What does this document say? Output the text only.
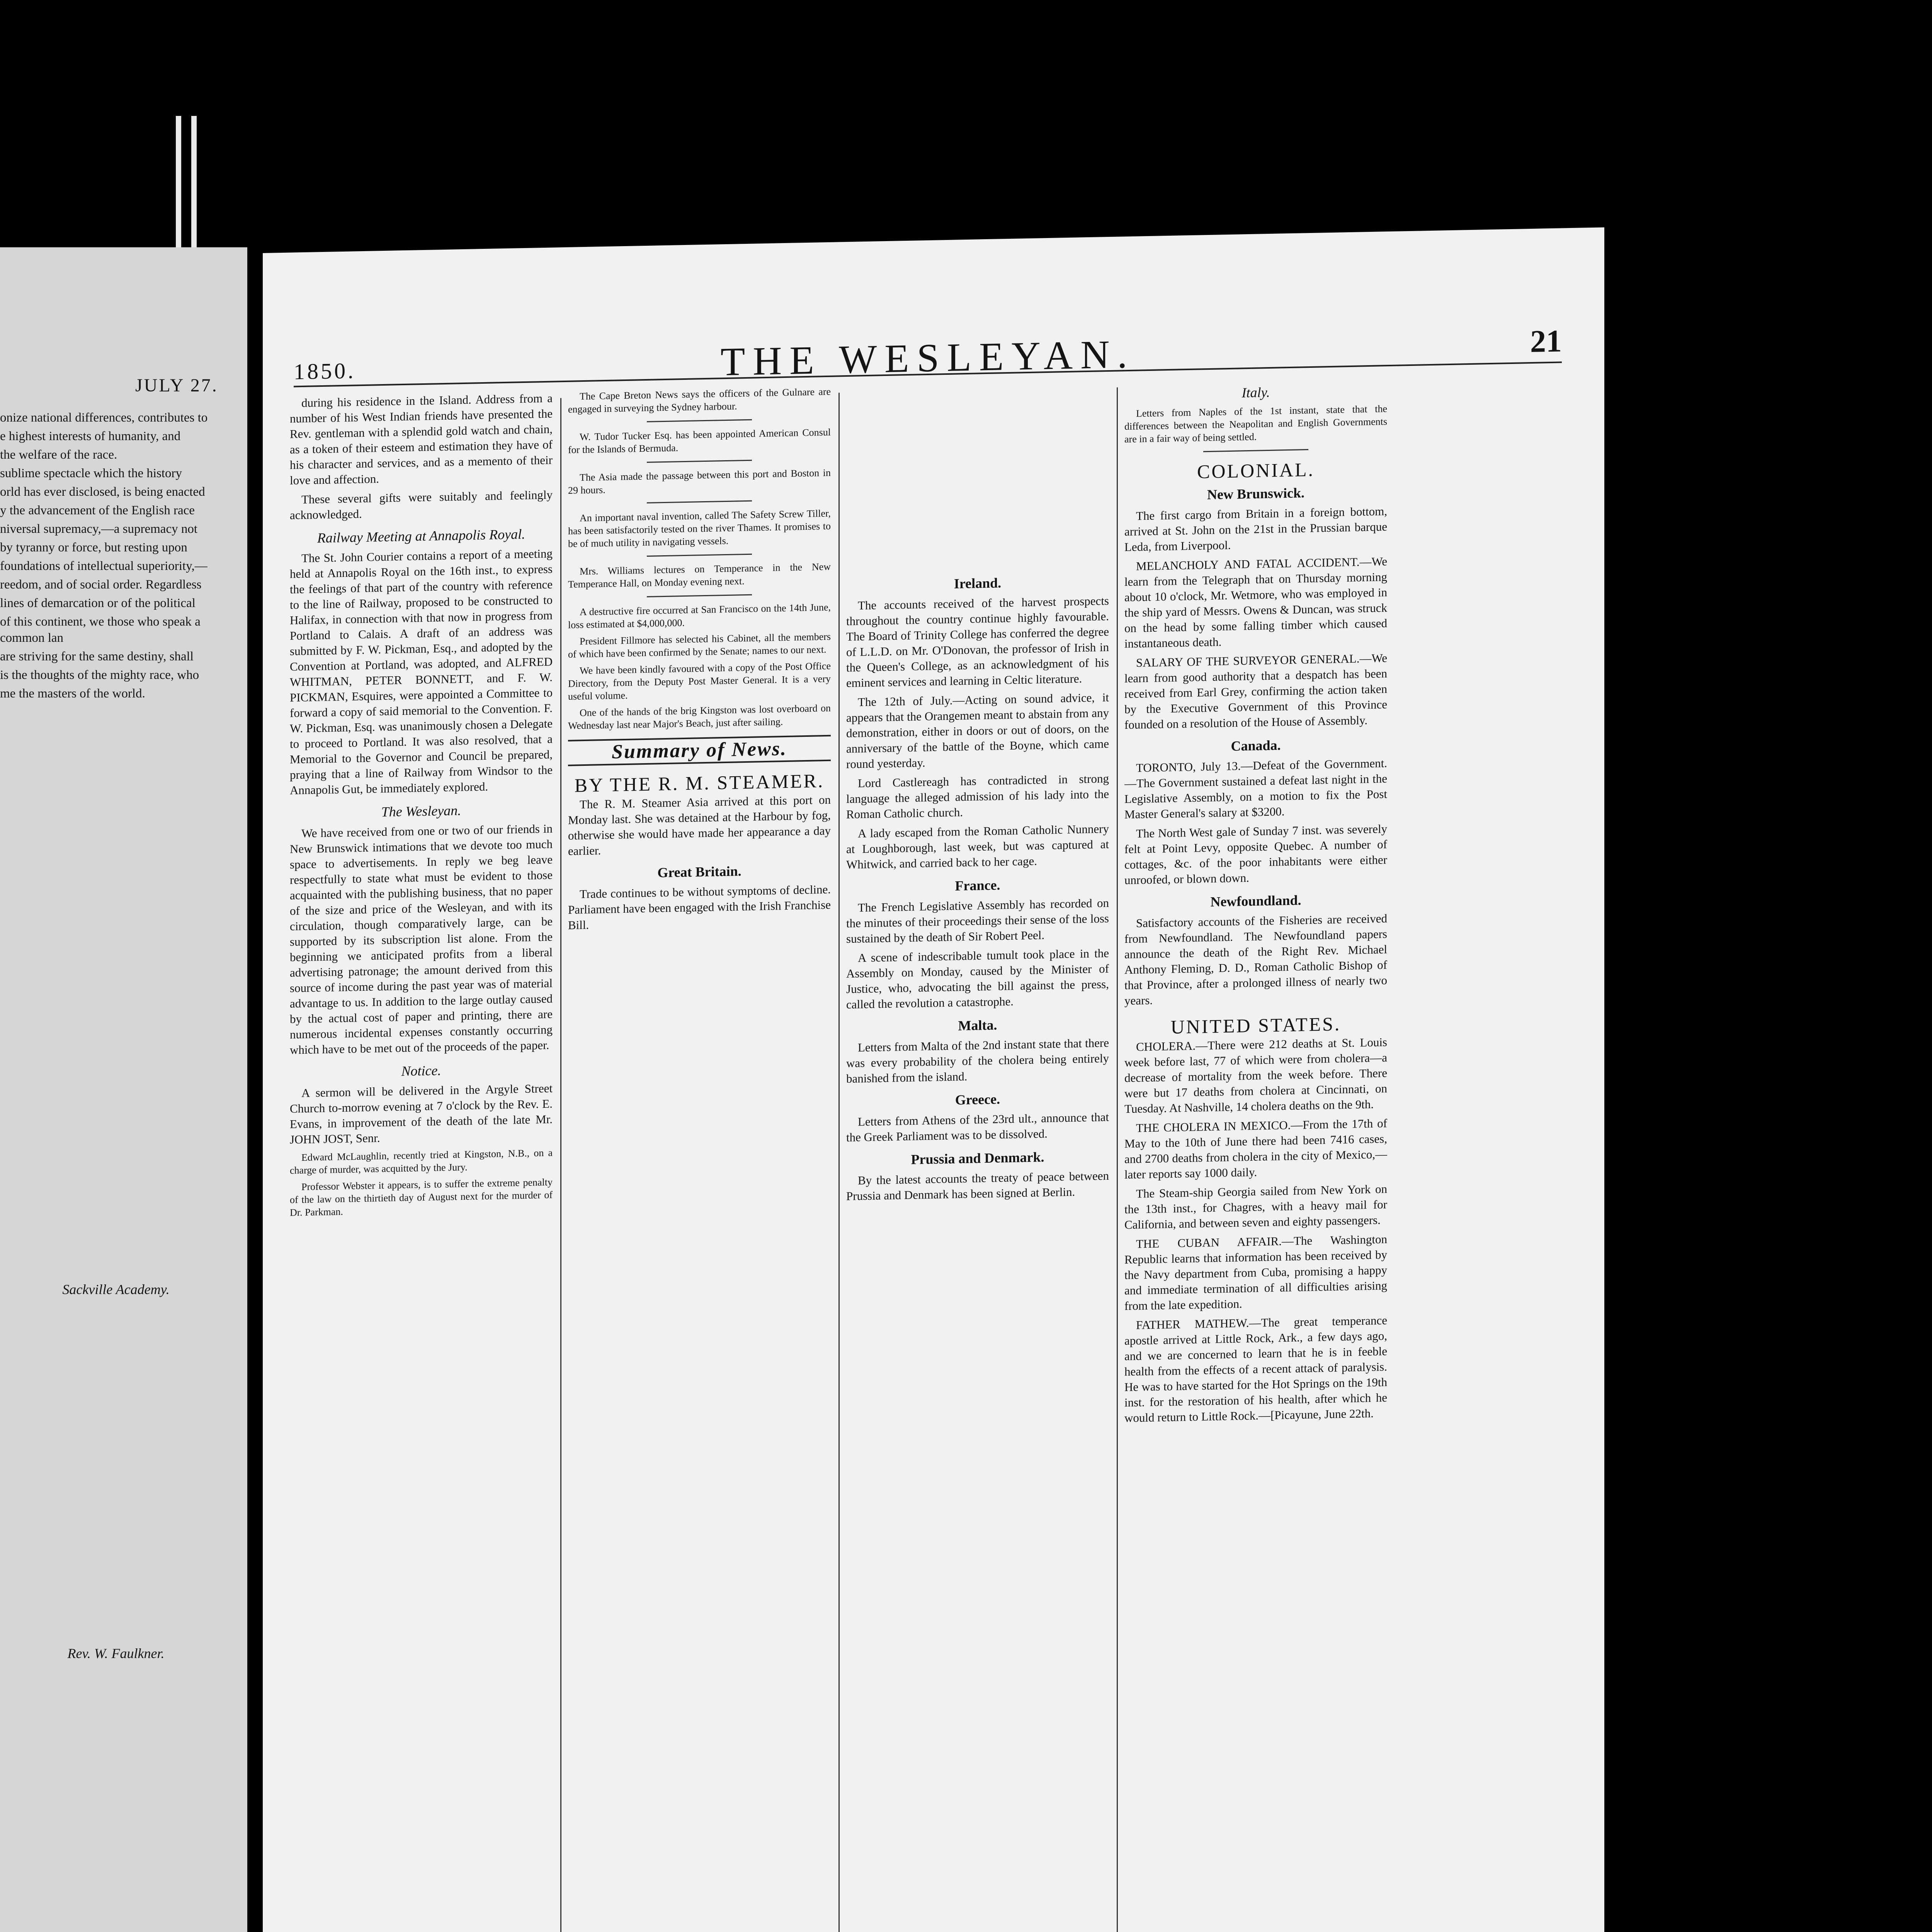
JULY 27.

onize national differences, contributes to

e highest interests of humanity, and

the welfare of the race.

sublime spectacle which the history

orld has ever disclosed, is being enacted

y the advancement of the English race

niversal supremacy,—a supremacy not

by tyranny or force, but resting upon

foundations of intellectual superiority,—

reedom, and of social order. Regardless

lines of demarcation or of the political

of this continent, we those who speak a common lan

are striving for the same destiny, shall

is the thoughts of the mighty race, who

me the masters of the world.

Sackville Academy.
Rev. W. Faulkner.
1850.	THE WESLEYAN.	21

during his residence in the Island. Address from a number of his West Indian friends have presented the Rev. gentleman with a splendid gold watch and chain, as a token of their esteem and estimation they have of his character and services, and as a memento of their love and affection.

These several gifts were suitably and feelingly acknowledged.

Railway Meeting at Annapolis Royal.

The St. John Courier contains a report of a meeting held at Annapolis Royal on the 16th inst., to express the feelings of that part of the country with reference to the line of Railway, proposed to be constructed to Halifax, in connection with that now in progress from Portland to Calais. A draft of an address was submitted by F. W. Pickman, Esq., and adopted by the Convention at Portland, was adopted, and ALFRED WHITMAN, PETER BONNETT, and F. W. PICKMAN, Esquires, were appointed a Committee to forward a copy of said memorial to the Convention. F. W. Pickman, Esq. was unanimously chosen a Delegate to proceed to Portland. It was also resolved, that a Memorial to the Governor and Council be prepared, praying that a line of Railway from Windsor to the Annapolis Gut, be immediately explored.

The Wesleyan.

We have received from one or two of our friends in New Brunswick intimations that we devote too much space to advertisements. In reply we beg leave respectfully to state what must be evident to those acquainted with the publishing business, that no paper of the size and price of the Wesleyan, and with its circulation, though comparatively large, can be supported by its subscription list alone. From the beginning we anticipated profits from a liberal advertising patronage; the amount derived from this source of income during the past year was of material advantage to us. In addition to the large outlay caused by the actual cost of paper and printing, there are numerous incidental expenses constantly occurring which have to be met out of the proceeds of the paper.

Notice.

A sermon will be delivered in the Argyle Street Church to-morrow evening at 7 o'clock by the Rev. E. Evans, in improvement of the death of the late Mr. JOHN JOST, Senr.

Edward McLaughlin, recently tried at Kingston, N.B., on a charge of murder, was acquitted by the Jury.

Professor Webster it appears, is to suffer the extreme penalty of the law on the thirtieth day of August next for the murder of Dr. Parkman.

The Cape Breton News says the officers of the Gulnare are engaged in surveying the Sydney harbour.

W. Tudor Tucker Esq. has been appointed American Consul for the Islands of Bermuda.

The Asia made the passage between this port and Boston in 29 hours.

An important naval invention, called The Safety Screw Tiller, has been satisfactorily tested on the river Thames. It promises to be of much utility in navigating vessels.

Mrs. Williams lectures on Temperance in the New Temperance Hall, on Monday evening next.

A destructive fire occurred at San Francisco on the 14th June, loss estimated at $4,000,000.

President Fillmore has selected his Cabinet, all the members of which have been confirmed by the Senate; names to our next.

We have been kindly favoured with a copy of the Post Office Directory, from the Deputy Post Master General. It is a very useful volume.

One of the hands of the brig Kingston was lost overboard on Wednesday last near Major's Beach, just after sailing.

Summary of News.
BY THE R. M. STEAMER.

The R. M. Steamer Asia arrived at this port on Monday last. She was detained at the Harbour by fog, otherwise she would have made her appearance a day earlier.

Great Britain.

Trade continues to be without symptoms of decline. Parliament have been engaged with the Irish Franchise Bill.

Ireland.

The accounts received of the harvest prospects throughout the country continue highly favourable. The Board of Trinity College has conferred the degree of L.L.D. on Mr. O'Donovan, the professor of Irish in the Queen's College, as an acknowledgment of his eminent services and learning in Celtic literature.

The 12th of July.—Acting on sound advice, it appears that the Orangemen meant to abstain from any demonstration, either in doors or out of doors, on the anniversary of the battle of the Boyne, which came round yesterday.

Lord Castlereagh has contradicted in strong language the alleged admission of his lady into the Roman Catholic church.

A lady escaped from the Roman Catholic Nunnery at Loughborough, last week, but was captured at Whitwick, and carried back to her cage.

France.

The French Legislative Assembly has recorded on the minutes of their proceedings their sense of the loss sustained by the death of Sir Robert Peel.

A scene of indescribable tumult took place in the Assembly on Monday, caused by the Minister of Justice, who, advocating the bill against the press, called the revolution a catastrophe.

Malta.

Letters from Malta of the 2nd instant state that there was every probability of the cholera being entirely banished from the island.

Greece.

Letters from Athens of the 23rd ult., announce that the Greek Parliament was to be dissolved.

Prussia and Denmark.

By the latest accounts the treaty of peace between Prussia and Denmark has been signed at Berlin.

Italy.

Letters from Naples of the 1st instant, state that the differences between the Neapolitan and English Governments are in a fair way of being settled.

COLONIAL.
New Brunswick.

The first cargo from Britain in a foreign bottom, arrived at St. John on the 21st in the Prussian barque Leda, from Liverpool.

MELANCHOLY AND FATAL ACCIDENT.—We learn from the Telegraph that on Thursday morning about 10 o'clock, Mr. Wetmore, who was employed in the ship yard of Messrs. Owens & Duncan, was struck on the head by some falling timber which caused instantaneous death.

SALARY OF THE SURVEYOR GENERAL.—We learn from good authority that a despatch has been received from Earl Grey, confirming the action taken by the Executive Government of this Province founded on a resolution of the House of Assembly.

Canada.

TORONTO, July 13.—Defeat of the Government.—The Government sustained a defeat last night in the Legislative Assembly, on a motion to fix the Post Master General's salary at $3200.

The North West gale of Sunday 7 inst. was severely felt at Point Levy, opposite Quebec. A number of cottages, &c. of the poor inhabitants were either unroofed, or blown down.

Newfoundland.

Satisfactory accounts of the Fisheries are received from Newfoundland. The Newfoundland papers announce the death of the Right Rev. Michael Anthony Fleming, D. D., Roman Catholic Bishop of that Province, after a prolonged illness of nearly two years.

UNITED STATES.

CHOLERA.—There were 212 deaths at St. Louis week before last, 77 of which were from cholera—a decrease of mortality from the week before. There were but 17 deaths from cholera at Cincinnati, on Tuesday. At Nashville, 14 cholera deaths on the 9th.

THE CHOLERA IN MEXICO.—From the 17th of May to the 10th of June there had been 7416 cases, and 2700 deaths from cholera in the city of Mexico,—later reports say 1000 daily.

The Steam-ship Georgia sailed from New York on the 13th inst., for Chagres, with a heavy mail for California, and between seven and eighty passengers.

THE CUBAN AFFAIR.—The Washington Republic learns that information has been received by the Navy department from Cuba, promising a happy and immediate termination of all difficulties arising from the late expedition.

FATHER MATHEW.—The great temperance apostle arrived at Little Rock, Ark., a few days ago, and we are concerned to learn that he is in feeble health from the effects of a recent attack of paralysis. He was to have started for the Hot Springs on the 19th inst. for the restoration of his health, after which he would return to Little Rock.—[Picayune, June 22th.
